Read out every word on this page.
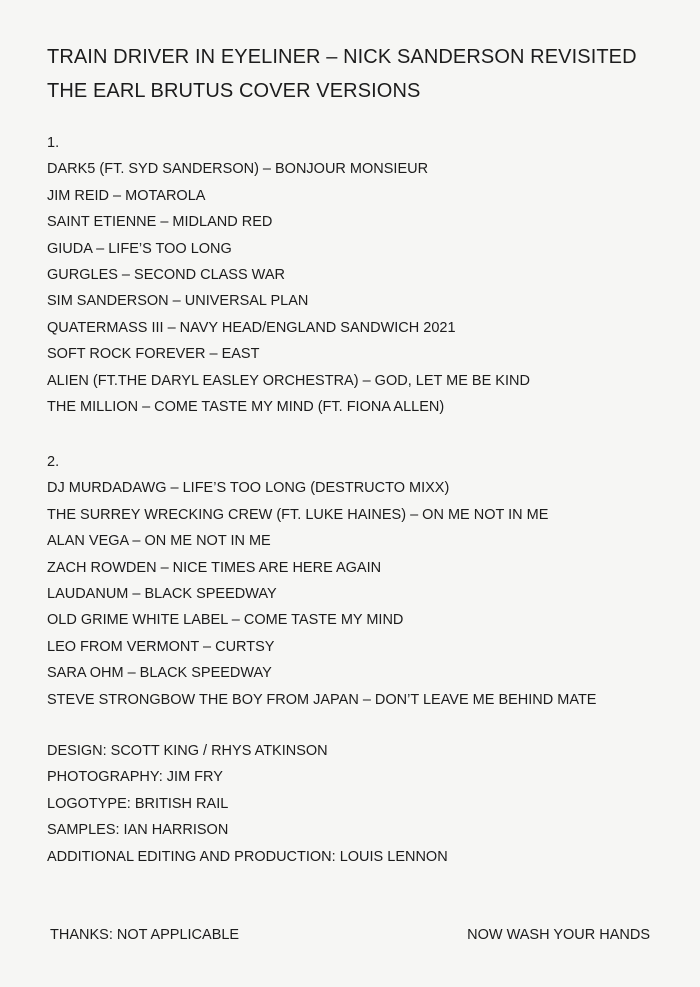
TRAIN DRIVER IN EYELINER – NICK SANDERSON REVISITED
THE EARL BRUTUS COVER VERSIONS
1.
DARK5 (FT. SYD SANDERSON) – BONJOUR MONSIEUR
JIM REID – MOTAROLA
SAINT ETIENNE – MIDLAND RED
GIUDA – LIFE’S TOO LONG
GURGLES – SECOND CLASS WAR
SIM SANDERSON – UNIVERSAL PLAN
QUATERMASS III – NAVY HEAD/ENGLAND SANDWICH 2021
SOFT ROCK FOREVER – EAST
ALIEN (FT.THE DARYL EASLEY ORCHESTRA) – GOD, LET ME BE KIND
THE MILLION – COME TASTE MY MIND (FT. FIONA ALLEN)
2.
DJ MURDADAWG – LIFE’S TOO LONG (DESTRUCTO MIXX)
THE SURREY WRECKING CREW (FT. LUKE HAINES) – ON ME NOT IN ME
ALAN VEGA – ON ME NOT IN ME
ZACH ROWDEN – NICE TIMES ARE HERE AGAIN
LAUDANUM – BLACK SPEEDWAY
OLD GRIME WHITE LABEL – COME TASTE MY MIND
LEO FROM VERMONT – CURTSY
SARA OHM – BLACK SPEEDWAY
STEVE STRONGBOW THE BOY FROM JAPAN – DON’T LEAVE ME BEHIND MATE
DESIGN: SCOTT KING / RHYS ATKINSON
PHOTOGRAPHY: JIM FRY
LOGOTYPE: BRITISH RAIL
SAMPLES: IAN HARRISON
ADDITIONAL EDITING AND PRODUCTION: LOUIS LENNON
THANKS: NOT APPLICABLE	NOW WASH YOUR HANDS
